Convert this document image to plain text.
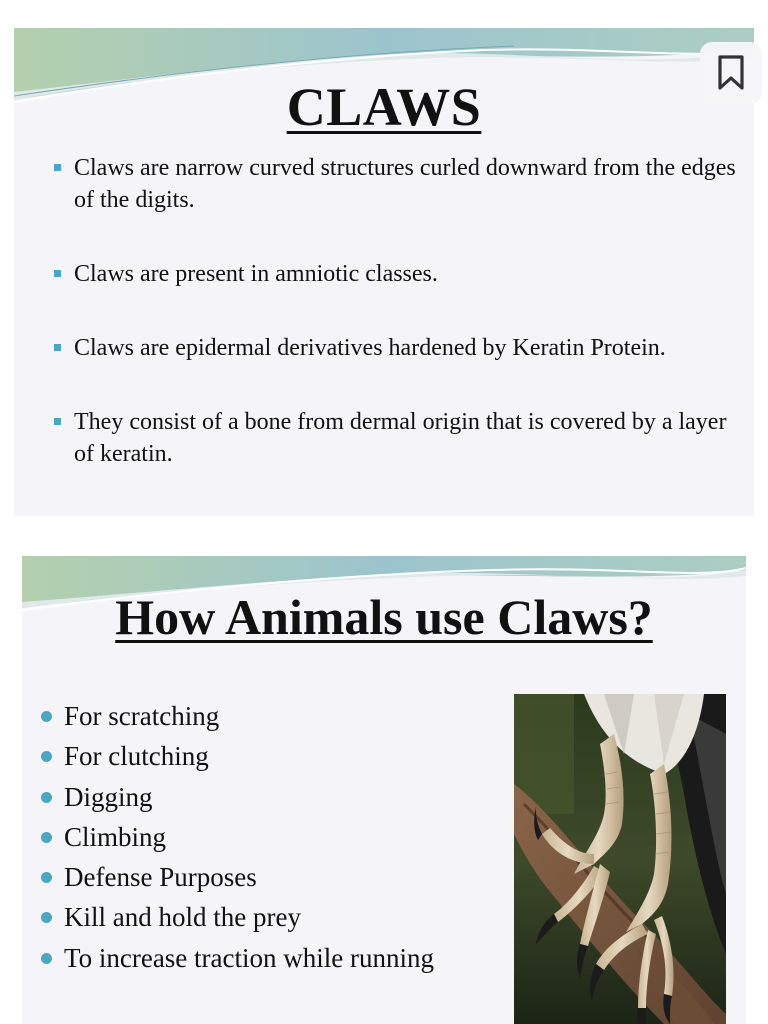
CLAWS
Claws are narrow curved structures curled downward from the edges of the digits.
Claws are present in amniotic classes.
Claws are epidermal derivatives hardened by Keratin Protein.
They consist of a bone from dermal origin that is covered by a layer of keratin.
How Animals use Claws?
For scratching
For clutching
Digging
Climbing
Defense Purposes
Kill and hold the prey
To increase traction while running
